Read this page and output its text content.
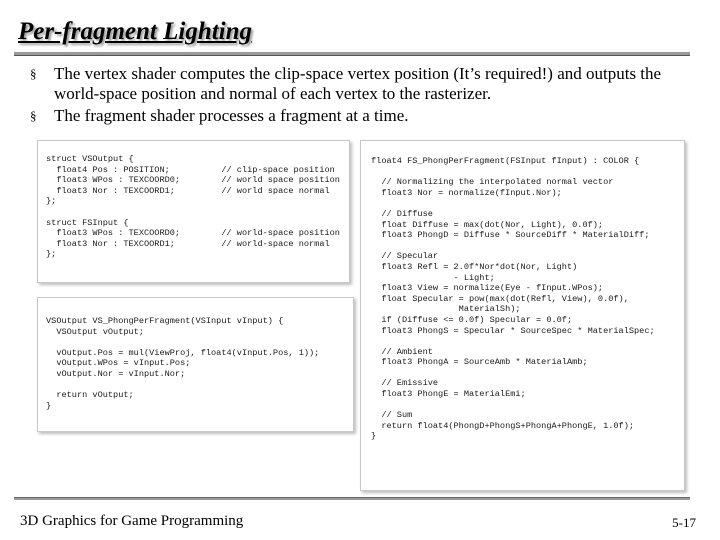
Per-fragment Lighting
§ The vertex shader computes the clip-space vertex position (It’s required!) and outputs the world-space position and normal of each vertex to the rasterizer.
§ The fragment shader processes a fragment at a time.
struct VSOutput {
float4 Pos : POSITION;          // clip-space position
float3 WPos : TEXCOORD0;        // world space position
float3 Nor : TEXCOORD1;         // world space normal
};

struct FSInput {
float3 WPos : TEXCOORD0;        // world-space position
float3 Nor : TEXCOORD1;         // world-space normal
};
VSOutput VS_PhongPerFragment(VSInput vInput) {
VSOutput vOutput;

vOutput.Pos = mul(ViewProj, float4(vInput.Pos, 1));
vOutput.WPos = vInput.Pos;
vOutput.Nor = vInput.Nor;

return vOutput;
}
float4 FS_PhongPerFragment(FSInput fInput) : COLOR {

// Normalizing the interpolated normal vector
float3 Nor = normalize(fInput.Nor);

// Diffuse
float Diffuse = max(dot(Nor, Light), 0.0f);
float3 PhongD = Diffuse * SourceDiff * MaterialDiff;

// Specular
float3 Refl = 2.0f*Nor*dot(Nor, Light)
- Light;
float3 View = normalize(Eye - fInput.WPos);
float Specular = pow(max(dot(Refl, View), 0.0f),
MaterialSh);
if (Diffuse <= 0.0f) Specular = 0.0f;
float3 PhongS = Specular * SourceSpec * MaterialSpec;

// Ambient
float3 PhongA = SourceAmb * MaterialAmb;

// Emissive
float3 PhongE = MaterialEmi;

// Sum
return float4(PhongD+PhongS+PhongA+PhongE, 1.0f);
}
3D Graphics for Game Programming	5-17
